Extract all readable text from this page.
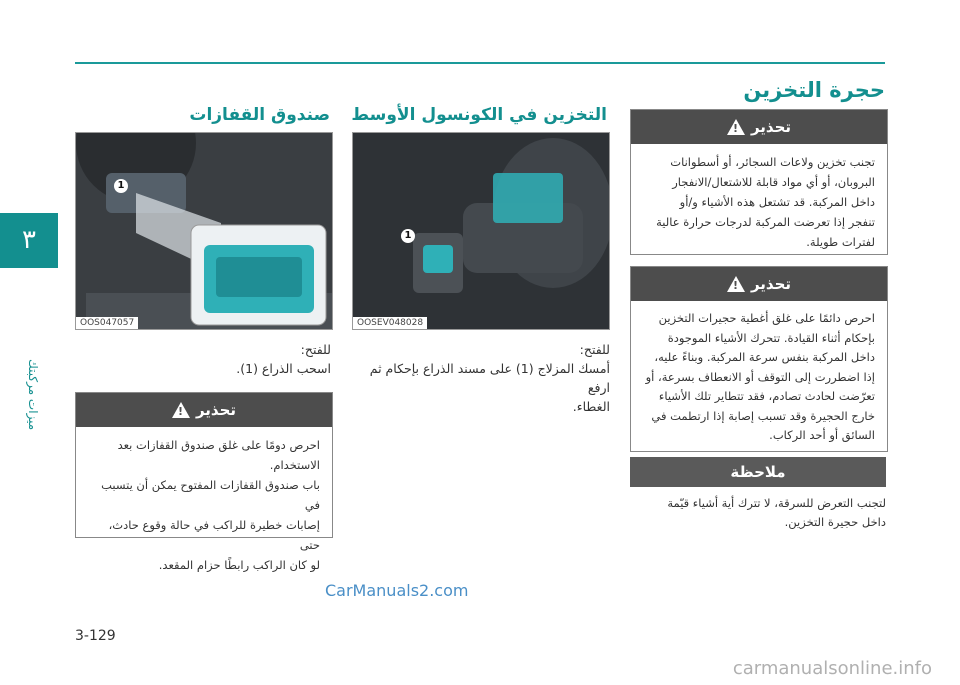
٣
ميزات مركبتك
حجرة التخزين
التخزين في الكونسول الأوسط
صندوق القفازات
1
OOS047057
1
OOSEV048028
للفتح:
اسحب الذراع (1).
للفتح:
أمسك المزلاج (1) على مسند الذراع بإحكام ثم ارفع
الغطاء.
!
تحذير
احرص دومًا على غلق صندوق القفازات بعد
الاستخدام.
باب صندوق القفازات المفتوح يمكن أن يتسبب في
إصابات خطيرة للراكب في حالة وقوع حادث، حتى
لو كان الراكب رابطًا حزام المقعد.
!
تحذير
تجنب تخزين ولاعات السجائر، أو أسطوانات
البروبان، أو أي مواد قابلة للاشتعال/الانفجار
داخل المركبة. قد تشتعل هذه الأشياء و/أو
تنفجر إذا تعرضت المركبة لدرجات حرارة عالية
لفترات طويلة.
!
تحذير
احرص دائمًا على غلق أغطية حجيرات التخزين
بإحكام أثناء القيادة. تتحرك الأشياء الموجودة
داخل المركبة بنفس سرعة المركبة. وبناءً عليه،
إذا اضطررت إلى التوقف أو الانعطاف بسرعة، أو
تعرّضت لحادث تصادم، فقد تتطاير تلك الأشياء
خارج الحجيرة وقد تسبب إصابة إذا ارتطمت في
السائق أو أحد الركاب.
ملاحظة
لتجنب التعرض للسرقة، لا تترك أية أشياء قيّمة
داخل حجيرة التخزين.
CarManuals2.com
3-129
carmanualsonline.info
